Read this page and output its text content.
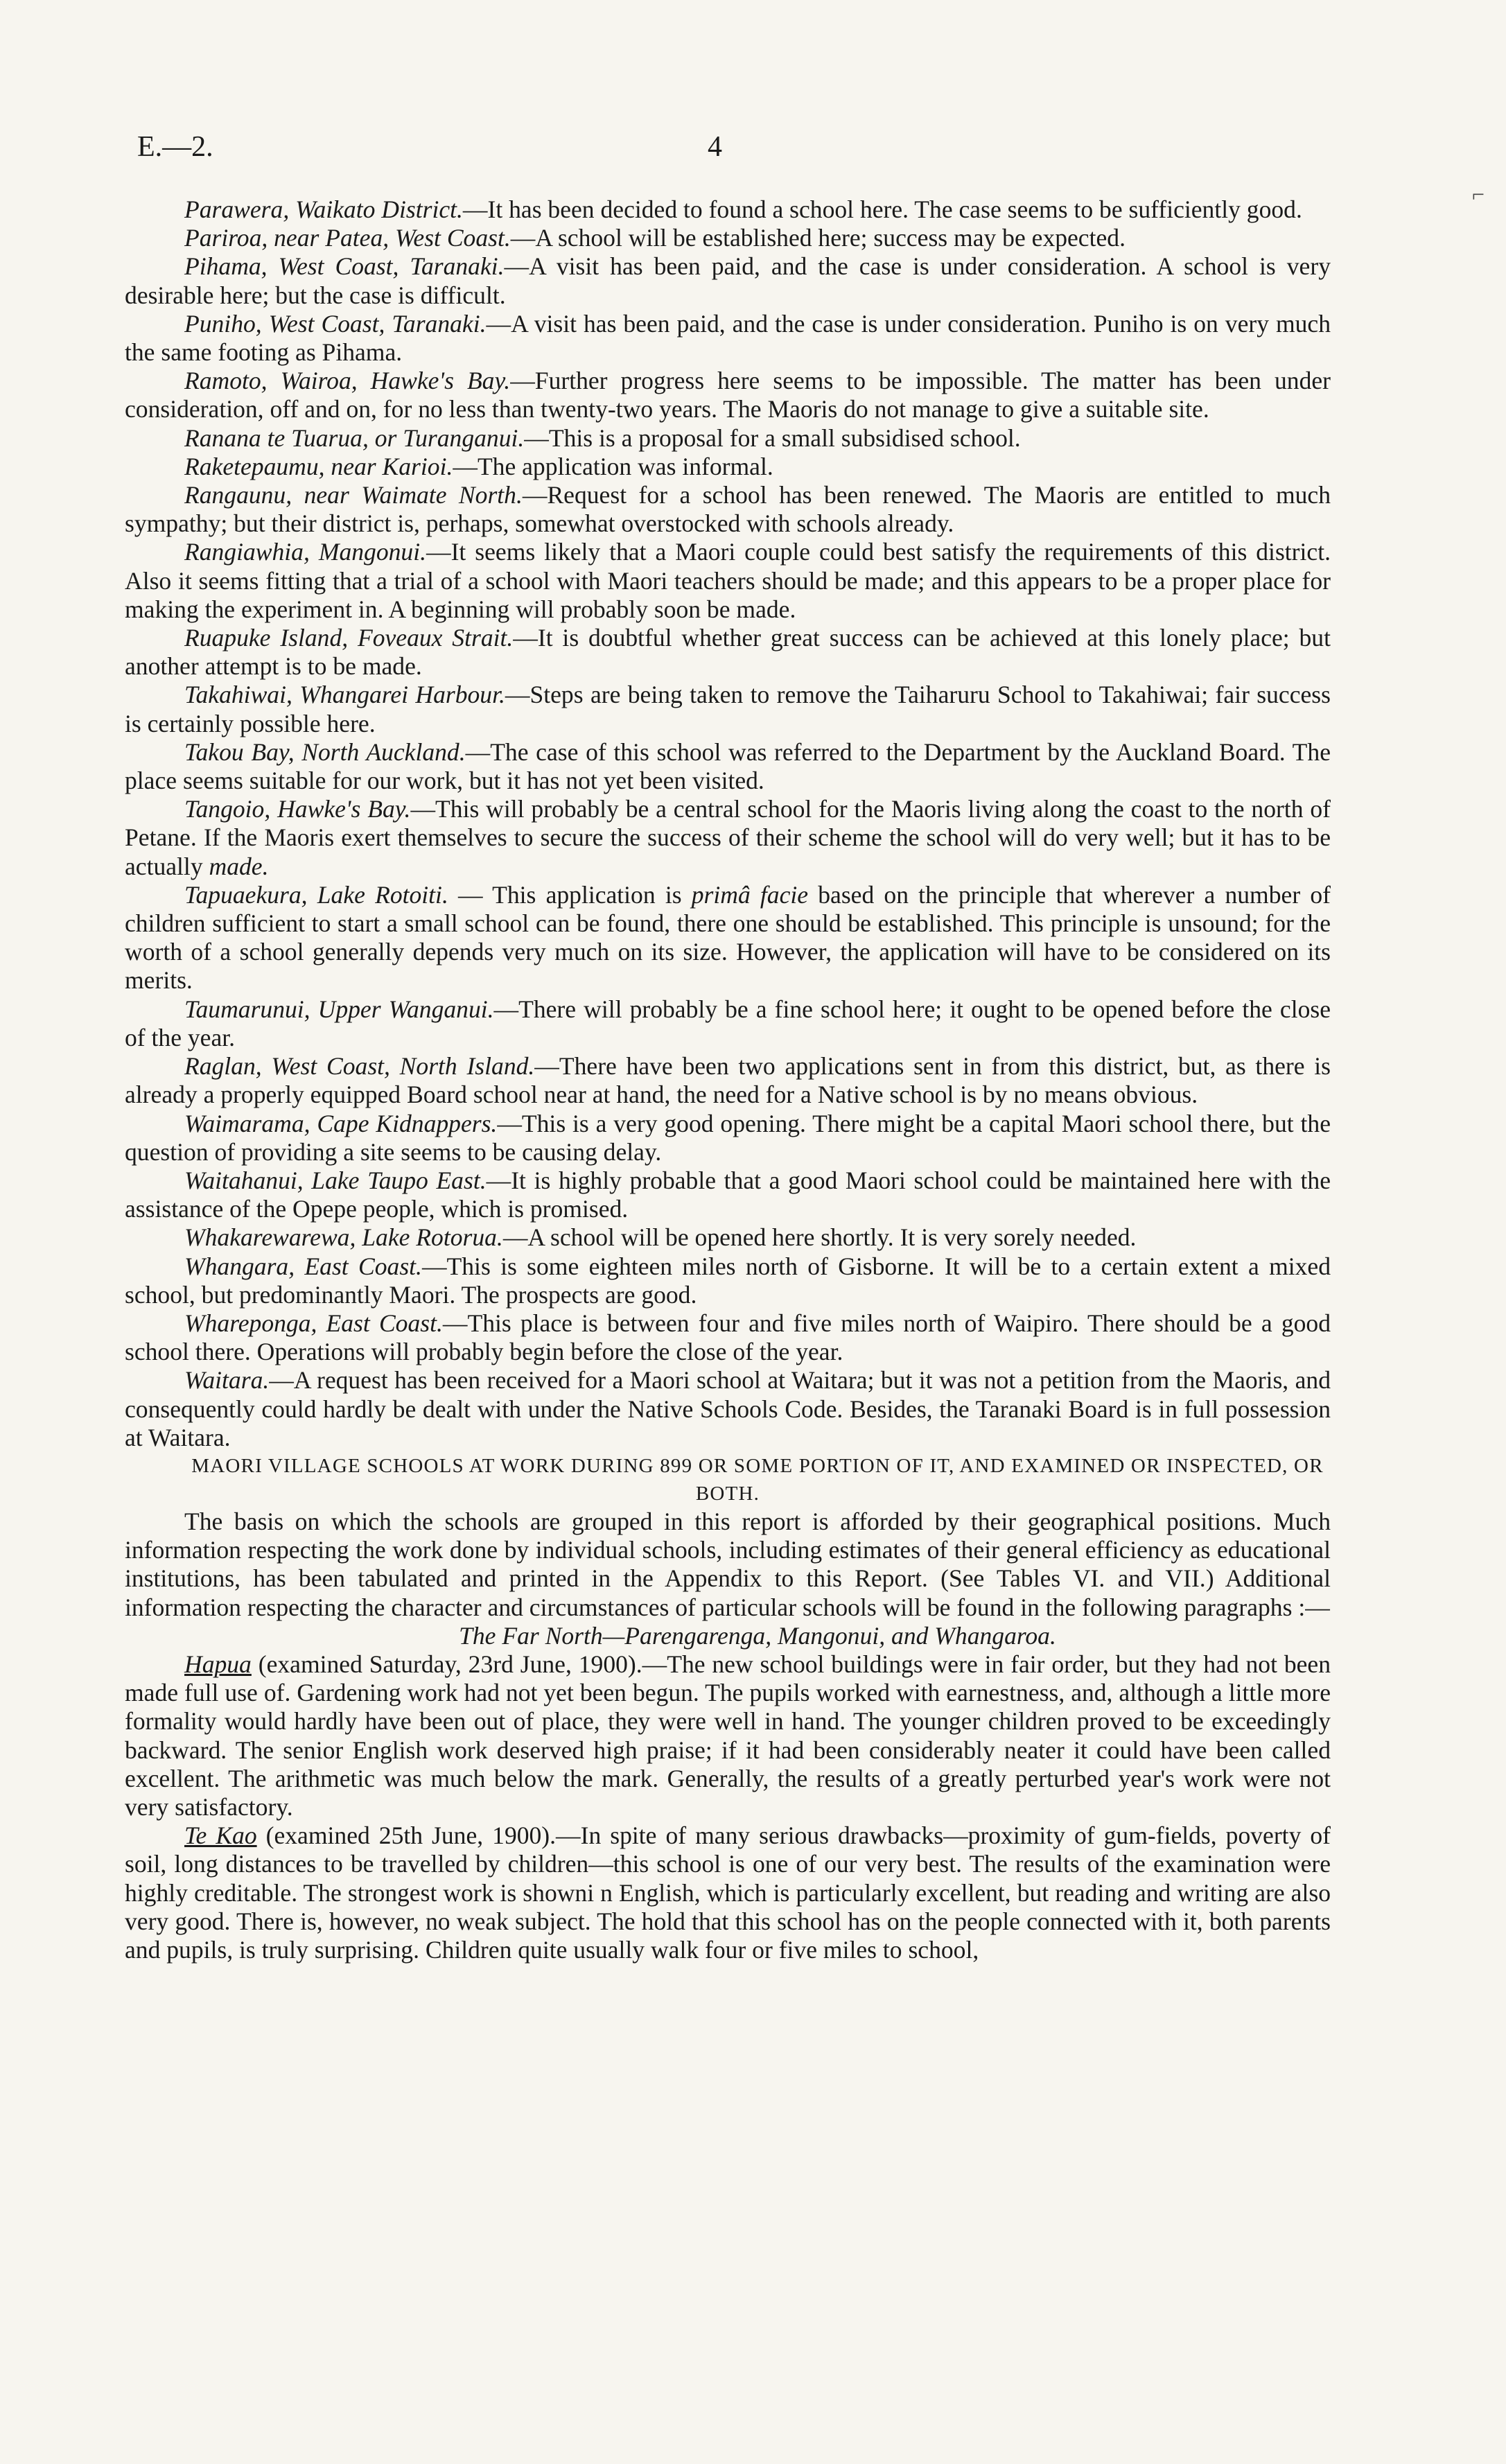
E.—2.	4
⌐

Parawera, Waikato District.—It has been decided to found a school here. The case seems to be sufficiently good.

Pariroa, near Patea, West Coast.—A school will be established here; success may be expected.

Pihama, West Coast, Taranaki.—A visit has been paid, and the case is under consideration. A school is very desirable here; but the case is difficult.

Puniho, West Coast, Taranaki.—A visit has been paid, and the case is under consideration. Puniho is on very much the same footing as Pihama.

Ramoto, Wairoa, Hawke's Bay.—Further progress here seems to be impossible. The matter has been under consideration, off and on, for no less than twenty-two years. The Maoris do not manage to give a suitable site.

Ranana te Tuarua, or Turanganui.—This is a proposal for a small subsidised school.

Raketepaumu, near Karioi.—The application was informal.

Rangaunu, near Waimate North.—Request for a school has been renewed. The Maoris are entitled to much sympathy; but their district is, perhaps, somewhat overstocked with schools already.

Rangiawhia, Mangonui.—It seems likely that a Maori couple could best satisfy the requirements of this district. Also it seems fitting that a trial of a school with Maori teachers should be made; and this appears to be a proper place for making the experiment in. A beginning will probably soon be made.

Ruapuke Island, Foveaux Strait.—It is doubtful whether great success can be achieved at this lonely place; but another attempt is to be made.

Takahiwai, Whangarei Harbour.—Steps are being taken to remove the Taiharuru School to Takahiwai; fair success is certainly possible here.

Takou Bay, North Auckland.—The case of this school was referred to the Department by the Auckland Board. The place seems suitable for our work, but it has not yet been visited.

Tangoio, Hawke's Bay.—This will probably be a central school for the Maoris living along the coast to the north of Petane. If the Maoris exert themselves to secure the success of their scheme the school will do very well; but it has to be actually made.

Tapuaekura, Lake Rotoiti. — This application is primâ facie based on the principle that wherever a number of children sufficient to start a small school can be found, there one should be established. This principle is unsound; for the worth of a school generally depends very much on its size. However, the application will have to be considered on its merits.

Taumarunui, Upper Wanganui.—There will probably be a fine school here; it ought to be opened before the close of the year.

Raglan, West Coast, North Island.—There have been two applications sent in from this district, but, as there is already a properly equipped Board school near at hand, the need for a Native school is by no means obvious.

Waimarama, Cape Kidnappers.—This is a very good opening. There might be a capital Maori school there, but the question of providing a site seems to be causing delay.

Waitahanui, Lake Taupo East.—It is highly probable that a good Maori school could be maintained here with the assistance of the Opepe people, which is promised.

Whakarewarewa, Lake Rotorua.—A school will be opened here shortly. It is very sorely needed.

Whangara, East Coast.—This is some eighteen miles north of Gisborne. It will be to a certain extent a mixed school, but predominantly Maori. The prospects are good.

Whareponga, East Coast.—This place is between four and five miles north of Waipiro. There should be a good school there. Operations will probably begin before the close of the year.

Waitara.—A request has been received for a Maori school at Waitara; but it was not a petition from the Maoris, and consequently could hardly be dealt with under the Native Schools Code. Besides, the Taranaki Board is in full possession at Waitara.

MAORI VILLAGE SCHOOLS AT WORK DURING 899 OR SOME PORTION OF IT, AND EXAMINED OR INSPECTED, OR BOTH.

The basis on which the schools are grouped in this report is afforded by their geographical positions. Much information respecting the work done by individual schools, including estimates of their general efficiency as educational institutions, has been tabulated and printed in the Appendix to this Report. (See Tables VI. and VII.) Additional information respecting the character and circumstances of particular schools will be found in the following paragraphs :—

The Far North—Parengarenga, Mangonui, and Whangaroa.

Hapua (examined Saturday, 23rd June, 1900).—The new school buildings were in fair order, but they had not been made full use of. Gardening work had not yet been begun. The pupils worked with earnestness, and, although a little more formality would hardly have been out of place, they were well in hand. The younger children proved to be exceedingly backward. The senior English work deserved high praise; if it had been considerably neater it could have been called excellent. The arithmetic was much below the mark. Generally, the results of a greatly perturbed year's work were not very satisfactory.

Te Kao (examined 25th June, 1900).—In spite of many serious drawbacks—proximity of gum-fields, poverty of soil, long distances to be travelled by children—this school is one of our very best. The results of the examination were highly creditable. The strongest work is showni n English, which is particularly excellent, but reading and writing are also very good. There is, however, no weak subject. The hold that this school has on the people connected with it, both parents and pupils, is truly surprising. Children quite usually walk four or five miles to school,
